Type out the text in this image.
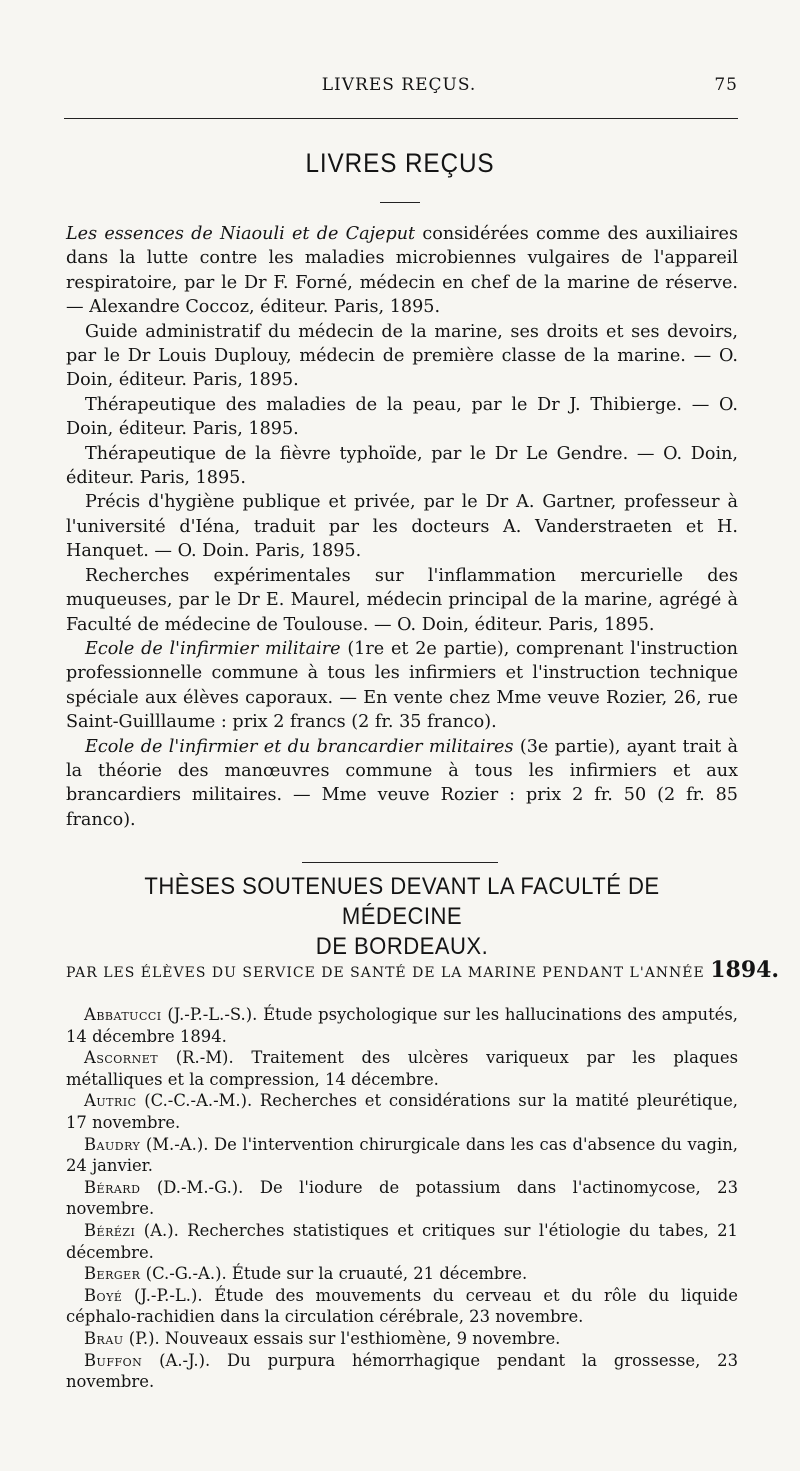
LIVRES REÇUS.	75
LIVRES REÇUS

Les essences de Niaouli et de Cajeput considérées comme des auxiliaires dans la lutte contre les maladies microbiennes vulgaires de l'appareil respiratoire, par le Dr F. Forné, médecin en chef de la marine de réserve. — Alexandre Coccoz, éditeur. Paris, 1895.

Guide administratif du médecin de la marine, ses droits et ses devoirs, par le Dr Louis Duplouy, médecin de première classe de la marine. — O. Doin, éditeur. Paris, 1895.

Thérapeutique des maladies de la peau, par le Dr J. Thibierge. — O. Doin, éditeur. Paris, 1895.

Thérapeutique de la fièvre typhoïde, par le Dr Le Gendre. — O. Doin, éditeur. Paris, 1895.

Précis d'hygiène publique et privée, par le Dr A. Gartner, professeur à l'université d'Iéna, traduit par les docteurs A. Vanderstraeten et H. Hanquet. — O. Doin. Paris, 1895.

Recherches expérimentales sur l'inflammation mercurielle des muqueuses, par le Dr E. Maurel, médecin principal de la marine, agrégé à Faculté de médecine de Toulouse. — O. Doin, éditeur. Paris, 1895.

Ecole de l'infirmier militaire (1re et 2e partie), comprenant l'instruction professionnelle commune à tous les infirmiers et l'instruction technique spéciale aux élèves caporaux. — En vente chez Mme veuve Rozier, 26, rue Saint-Guilllaume : prix 2 francs (2 fr. 35 franco).

Ecole de l'infirmier et du brancardier militaires (3e partie), ayant trait à la théorie des manœuvres commune à tous les infirmiers et aux brancardiers militaires. — Mme veuve Rozier : prix 2 fr. 50 (2 fr. 85 franco).

THÈSES SOUTENUES DEVANT LA FACULTÉ DE MÉDECINE
DE BORDEAUX.
PAR LES ÉLÈVES DU SERVICE DE SANTÉ DE LA MARINE PENDANT L'ANNÉE 1894.

Abbatucci (J.-P.-L.-S.). Étude psychologique sur les hallucinations des amputés, 14 décembre 1894.

Ascornet (R.-M). Traitement des ulcères variqueux par les plaques métalliques et la compression, 14 décembre.

Autric (C.-C.-A.-M.). Recherches et considérations sur la matité pleurétique, 17 novembre.

Baudry (M.-A.). De l'intervention chirurgicale dans les cas d'absence du vagin, 24 janvier.

Bérard (D.-M.-G.). De l'iodure de potassium dans l'actinomycose, 23 novembre.

Bérézi (A.). Recherches statistiques et critiques sur l'étiologie du tabes, 21 décembre.

Berger (C.-G.-A.). Étude sur la cruauté, 21 décembre.

Boyé (J.-P.-L.). Étude des mouvements du cerveau et du rôle du liquide céphalo-rachidien dans la circulation cérébrale, 23 novembre.

Brau (P.). Nouveaux essais sur l'esthiomène, 9 novembre.

Buffon (A.-J.). Du purpura hémorrhagique pendant la grossesse, 23 novembre.
